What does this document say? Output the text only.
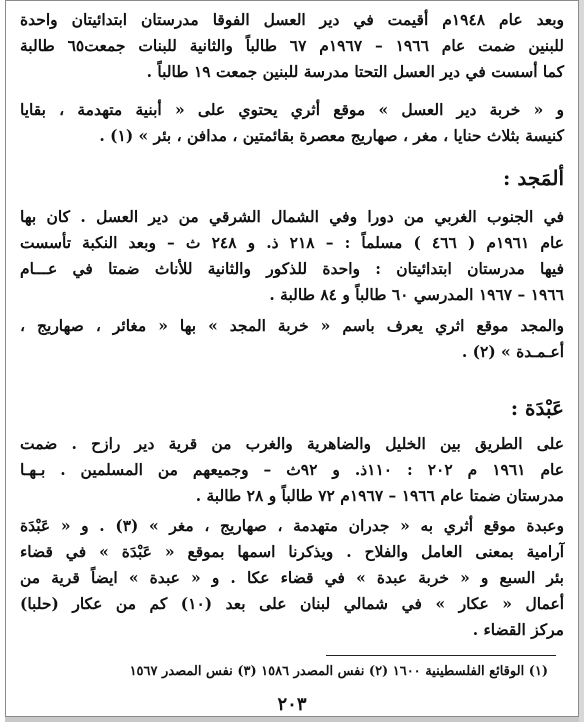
وبعد عام ١٩٤٨م أقيمت في دير العسل الفوقا مدرستان ابتدائيتان واحدة
للبنين ضمت عام ١٩٦٦ – ١٩٦٧م ٦٧ طالباً والثانية للبنات جمعت٦٥ طالبة
كما أسست في دير العسل التحتا مدرسة للبنين جمعت ١٩ طالباً .
و « خربة دير العسل » موقع أثري يحتوي على « أبنية متهدمة ، بقايا
كنيسة بثلاث حنايا ، مغر ، صهاريج معصرة بقائمتين ، مدافن ، بئر » (١) .
ألمَجد :
في الجنوب الغربي من دورا وفي الشمال الشرقي من دير العسل . كان بها
عام ١٩٦١م ( ٤٦٦ ) مسلماً : – ٢١٨ ذ. و ٢٤٨ ث – وبعد النكبة تأسست
فيها مدرستان ابتدائيتان : واحدة للذكور والثانية للأناث ضمتا في عـــام
١٩٦٦ – ١٩٦٧ المدرسي ٦٠ طالباً و ٨٤ طالبة .
والمجد موقع اثري يعرف باسم « خربة المجد » بها « مغائر ، صهاريج ،
أعـمـدة » (٢) .
عَبْدَة :
على الطريق بين الخليل والضاهرية والغرب من قرية دير رازح . ضمت
عام ١٩٦١ م ٢٠٢ : ١١٠ذ. و ٩٢ث – وجميعهم من المسلمين . بـهـا
مدرستان ضمتا عام ١٩٦٦ – ١٩٦٧م ٧٢ طالباً و ٢٨ طالبة .
وعبدة موقع أثري به « جدران متهدمة ، صهاريج ، مغر » (٣) . و « عَبْدَة
آرامية بمعنى العامل والفلاح . ويذكرنا اسمها بموقع « عَبْدَة » في قضاء
بئر السبع و « خربة عبدة » في قضاء عكا . و « عبدة » ايضاً قرية من
أعمال « عكار » في شمالي لبنان على بعد (١٠) كم من عكار (حلبا)
مركز القضاء .
(١) الوقائع الفلسطينية ١٦٠٠ (٢) نفس المصدر ١٥٨٦ (٣) نفس المصدر ١٥٦٧
٢٠٣
